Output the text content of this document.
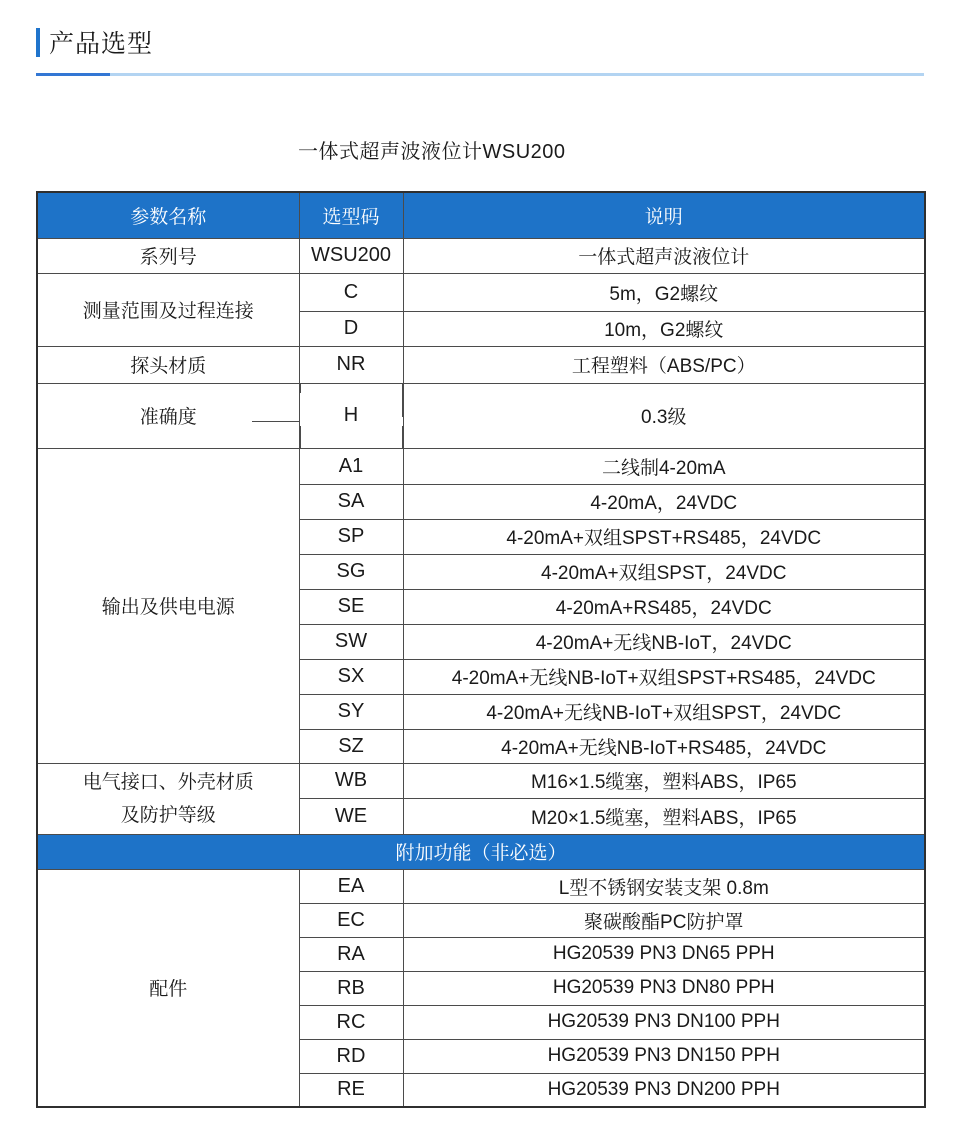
产品选型
一体式超声波液位计WSU200
参数名称	选型码	说明
系列号	WSU200	一体式超声波液位计
测量范围及过程连接	C	5m，G2螺纹
	D	10m，G2螺纹
探头材质	NR	工程塑料（ABS/PC）
准确度	H	0.3级
输出及供电电源	A1	二线制4-20mA
	SA	4-20mA，24VDC
	SP	4-20mA+双组SPST+RS485，24VDC
	SG	4-20mA+双组SPST，24VDC
	SE	4-20mA+RS485，24VDC
	SW	4-20mA+无线NB-IoT，24VDC
	SX	4-20mA+无线NB-IoT+双组SPST+RS485，24VDC
	SY	4-20mA+无线NB-IoT+双组SPST，24VDC
	SZ	4-20mA+无线NB-IoT+RS485，24VDC

电气接口、外壳材质
及防护等级	WB	M16×1.5缆塞，塑料ABS，IP65
	WE	M20×1.5缆塞，塑料ABS，IP65
附加功能（非必选）		
配件	EA	L型不锈钢安装支架 0.8m
	EC	聚碳酸酯PC防护罩
	RA	HG20539 PN3 DN65 PPH
	RB	HG20539 PN3 DN80 PPH
	RC	HG20539 PN3 DN100 PPH
	RD	HG20539 PN3 DN150 PPH
	RE	HG20539 PN3 DN200 PPH
